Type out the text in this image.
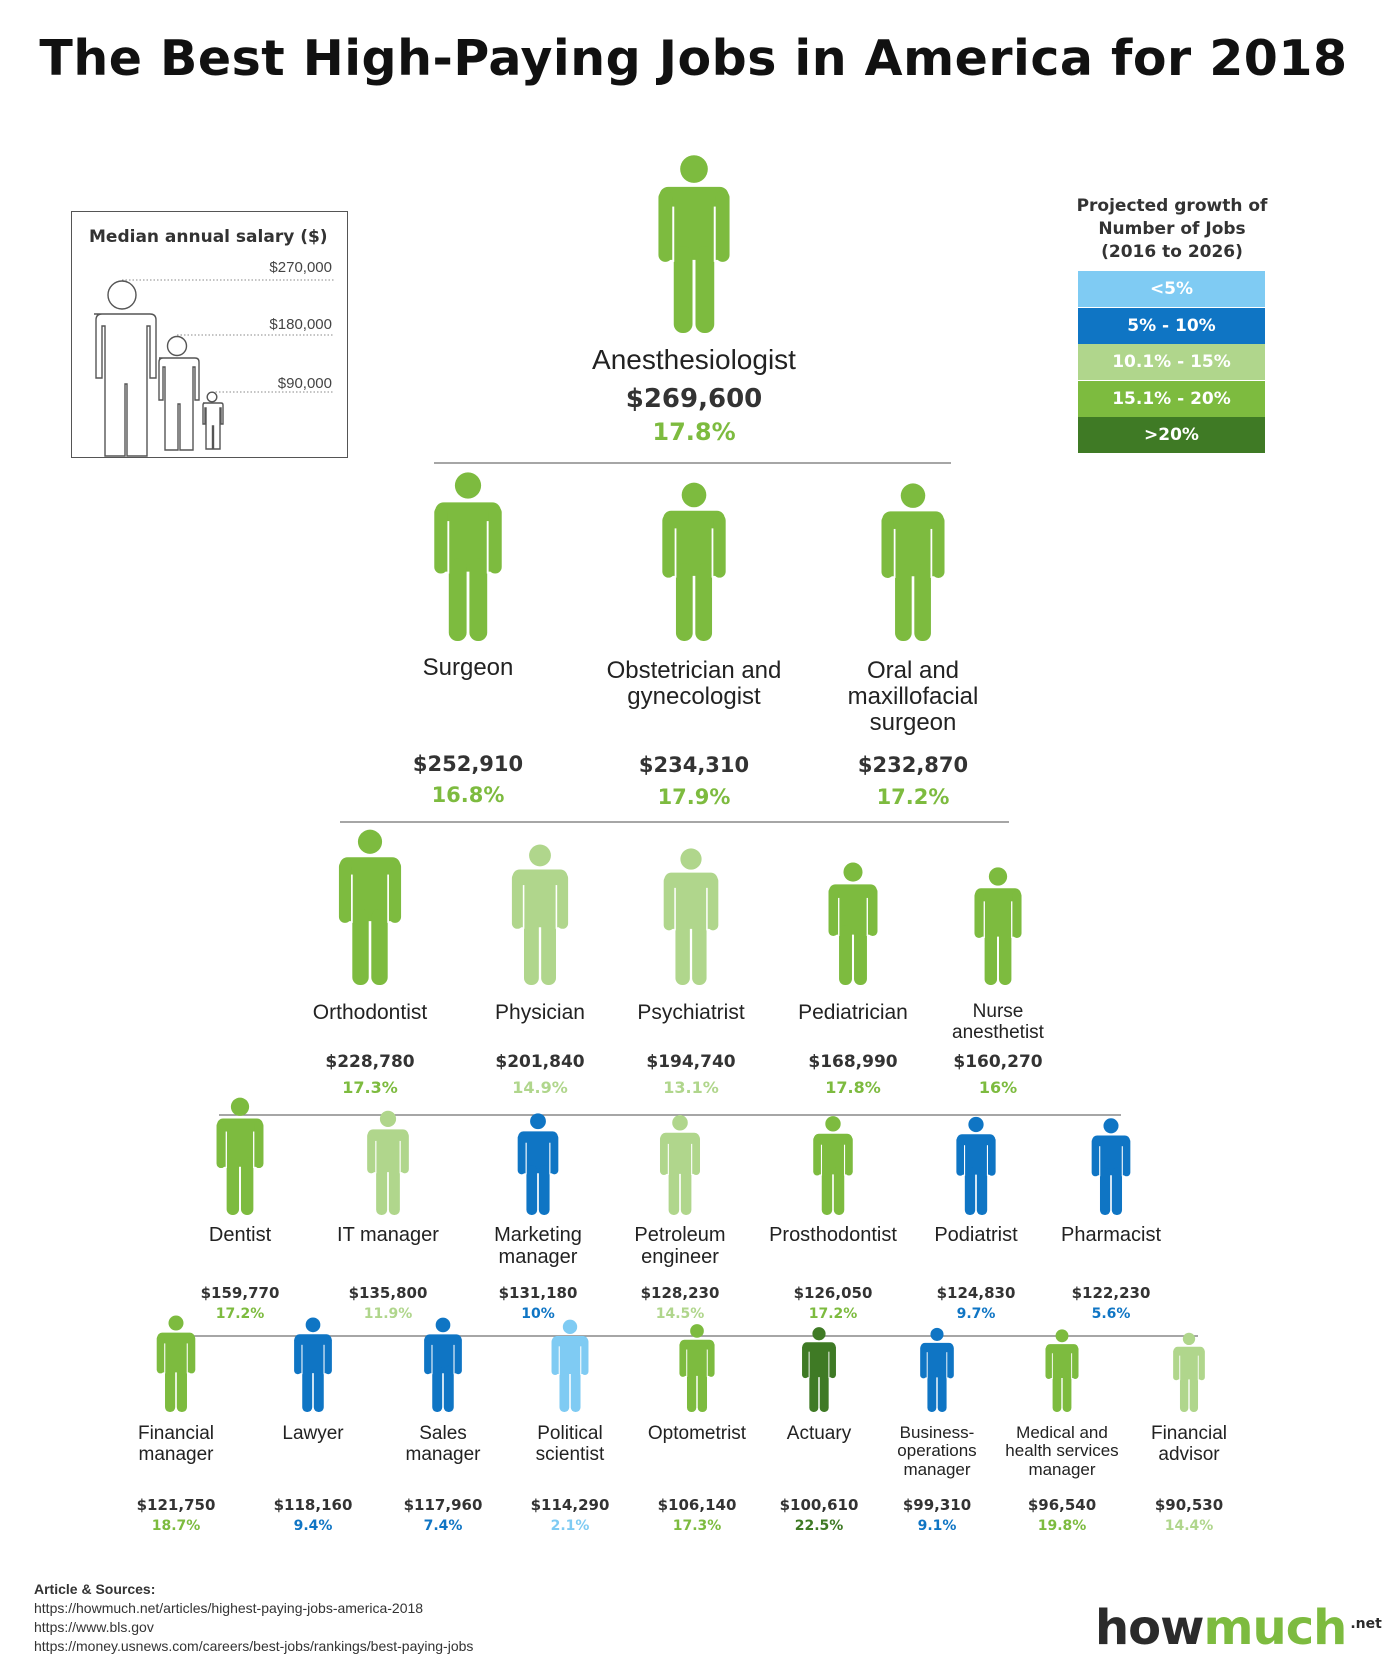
The Best High-Paying Jobs in America for 2018
Median annual salary ($)
$270,000
$180,000
$90,000
Projected growth of
Number of Jobs
(2016 to 2026)
<5%
5% - 10%
10.1% - 15%
15.1% - 20%
>20%
Anesthesiologist
$269,600
17.8%
Surgeon
$252,910
16.8%
Obstetrician and gynecologist
$234,310
17.9%
Oral and maxillofacial surgeon
$232,870
17.2%
Orthodontist
$228,780
17.3%
Physician
$201,840
14.9%
Psychiatrist
$194,740
13.1%
Pediatrician
$168,990
17.8%
Nurse anesthetist
$160,270
16%
Dentist
$159,770
17.2%
IT manager
$135,800
11.9%
Marketing manager
$131,180
10%
Petroleum engineer
$128,230
14.5%
Prosthodontist
$126,050
17.2%
Podiatrist
$124,830
9.7%
Pharmacist
$122,230
5.6%
Financial manager
$121,750
18.7%
Lawyer
$118,160
9.4%
Sales manager
$117,960
7.4%
Political scientist
$114,290
2.1%
Optometrist
$106,140
17.3%
Actuary
$100,610
22.5%
Business-operations manager
$99,310
9.1%
Medical and health services manager
$96,540
19.8%
Financial advisor
$90,530
14.4%
Article & Sources:
https://howmuch.net/articles/highest-paying-jobs-america-2018
https://www.bls.gov
https://money.usnews.com/careers/best-jobs/rankings/best-paying-jobs	howmuch $^{.net}$
